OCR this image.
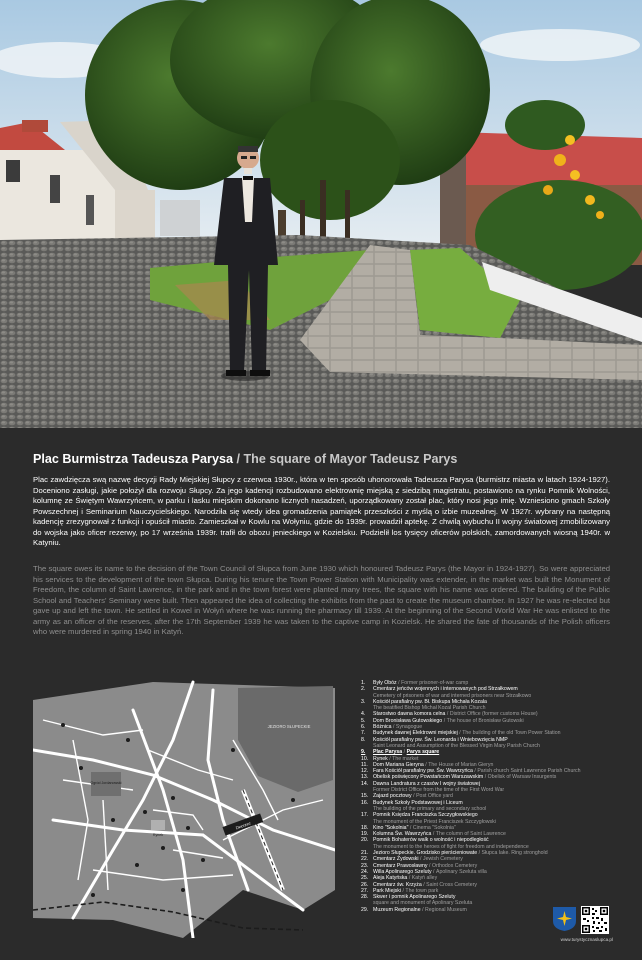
Plac Burmistrza Tadeusza Parysa / The square of Mayor Tadeusz Parys

Plac zawdzięcza swą nazwę decyzji Rady Miejskiej Słupcy z czerwca 1930r., która w ten sposób uhonorowała Tadeusza Parysa (burmistrz miasta w latach 1924-1927). Doceniono zasługi, jakie położył dla rozwoju Słupcy. Za jego kadencji rozbudowano elektrownię miejską z siedzibą magistratu, postawiono na rynku Pomnik Wolności, kolumnę ze Świętym Wawrzyńcem, w parku i lasku miejskim dokonano licznych nasadzeń, uporządkowany został plac, który nosi jego imię. Wzniesiono gmach Szkoły Powszechnej i Seminarium Nauczycielskiego. Narodziła się wtedy idea gromadzenia pamiątek przeszłości z myślą o izbie muzealnej. W 1927r. wybrany na następną kadencję zrezygnował z funkcji i opuścił miasto. Zamieszkał w Kowlu na Wołyniu, gdzie do 1939r. prowadził aptekę. Z chwilą wybuchu II wojny światowej zmobilizowany do wojska jako oficer rezerwy, po 17 września 1939r. trafił do obozu jenieckiego w Kozielsku. Podzielił los tysięcy oficerów polskich, zamordowanych wiosną 1940r. w Katyniu.

The square owes its name to the decision of the Town Council of Słupca from June 1930 which honoured Tadeusz Parys (the Mayor in 1924-1927). So were appreciated his services to the development of the town Słupca. During his tenure the Town Power Station with Municipality was extender, in the market was built the Monument of Freedom, the column of Saint Lawrence, in the park and in the town forest were planted many trees, the square with his name was ordered. The building of the Public School and Teachers' Seminary were built. Then appeared the idea of collecting the exhibits from the past to create the museum chamber. In 1927 he was re-elected but gave up and left the town. He settled in Kowel in Wołyń where he was running the pharmacy till 1939. At the beginning of the Second World War He was enlisted to the army as an officer of the reserves, after the 17th September 1939 he was taken to the captive camp in Kozielsk. He shared the fate of thousands of the Polish officers who were murdered in spring 1940 in Katyń.

JEZIORO SŁUPECKIE
Dworzec
Ogród Jordanowski
Rynek
1.	Były Obóz / Former prisoner-of-war camp
2.	Cmentarz jeńców wojennych i internowanych pod Strzałkowem
Cemetery of prisoners of war and interned prisoners near Strzałkowo
3.	Kościół parafialny pw. Bł. Biskupa Michała Kozala
The beatified Bishop Michał Kozal Parish Church
4.	Starostwo dawna komora celna / District Office (former customs House)
5.	Dom Bronisława Gutowskiego / The house of Bronisław Gutowski
6.	Bóżnica / Synagogue
7.	Budynek dawnej Elektrowni miejskiej / The building of the old Town Power Station
8.	Kościół parafialny pw. Św. Leonarda i Wniebowzięcia NMP
Saint Leonard and Assumption of the Blessed Virgin Mary Parish Church
9.	Plac Parysa / Parys square
10. Rynek / The market
11. Dom Mariana Gieryna / The House of Marian Gieryn
12. Fara Kościół parafialny pw. Św. Wawrzyńca / Parish church Saint Lawrence Parish Church
13. Obelisk poświęcony Powstańcom Warszawskim / Obelisk of Warsaw Insurgents
14. Dawna Landratura z czasów I wojny światowej
Former District Office from the time of the First Word War
15. Zajazd pocztowy / Post Office yard
16. Budynek Szkoły Podstawowej i Liceum
The building of the primary and secondary school
17. Pomnik Księdza Franciszka Szczygłowskiego
The monument of the Priest Franciszek Szczygłowski
18. Kino "Sokolnia" / Cinema "Sokolnia"
19. Kolumna Św. Wawrzyńca / The column of Saint Lawrence
20. Pomnik Bohaterów walk o wolność i niepodległość
The monument to the heroes of fight for freedom and independence
21. Jezioro Słupeckie. Grodzisko pierścieniowate / Słupca lake. Ring stronghold
22. Cmentarz Żydowski / Jewish Cemetery
23. Cmentarz Prawosławny / Orthodox Cemetery
24. Willa Apolinarego Szeluty / Apolinary Szeluta villa
25. Aleja Katyńska / Katyń alley
26. Cmentarz św. Krzyża / Saint Cross Cemetery
27. Park Miejski / The town park
28. Skwer i pomnik Apolinarego Szeluty
square and monument of Apolinary Szeluta
29. Muzeum Regionalne / Regional Museum
www.turystycznaslupca.pl
